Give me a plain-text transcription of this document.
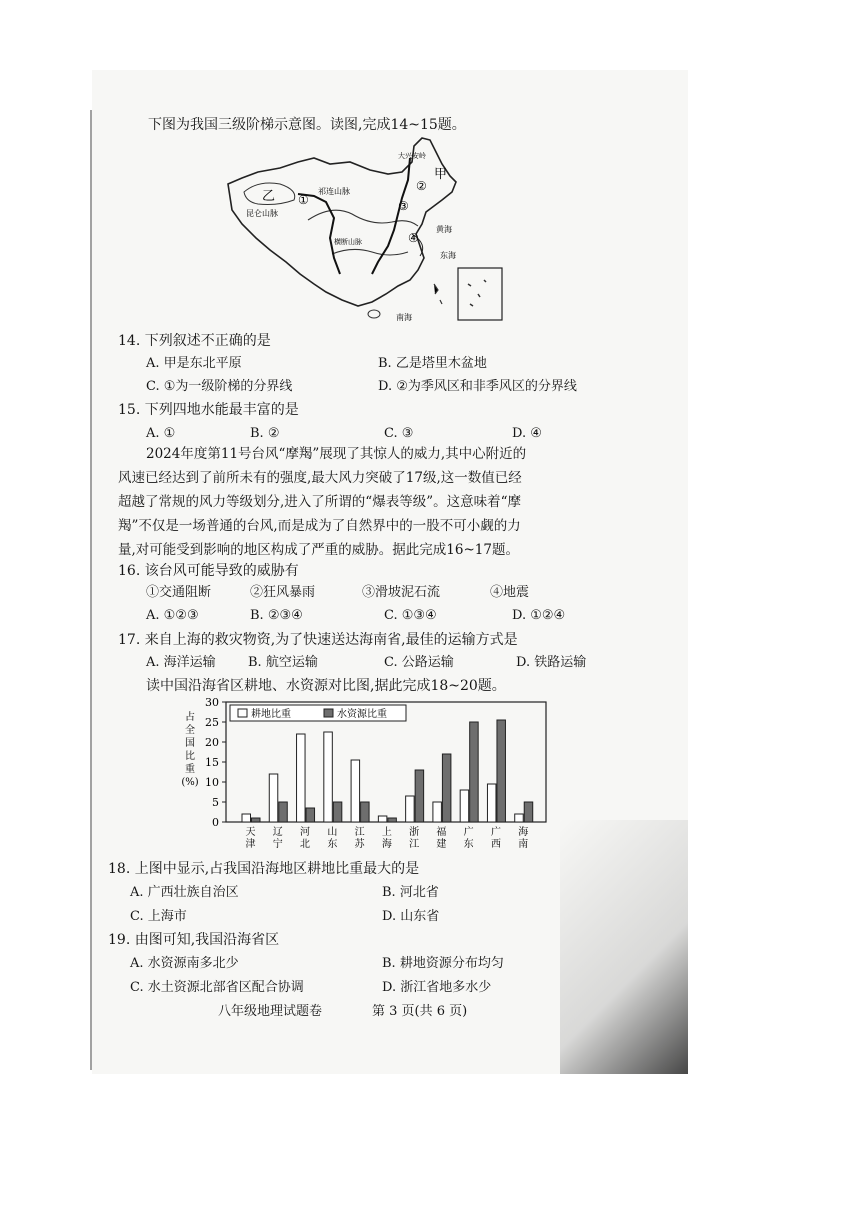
下图为我国三级阶梯示意图。读图,完成14~15题。
乙 ①
祁连山脉
昆仑山脉
横断山脉
大兴安岭
甲
②
③
④
黄海
东海
南海
14. 下列叙述不正确的是
A. 甲是东北平原	B. 乙是塔里木盆地
C. ①为一级阶梯的分界线	D. ②为季风区和非季风区的分界线
15. 下列四地水能最丰富的是
A. ①	B. ②	C. ③	D. ④
2024年度第11号台风“摩羯”展现了其惊人的威力,其中心附近的
风速已经达到了前所未有的强度,最大风力突破了17级,这一数值已经
超越了常规的风力等级划分,进入了所谓的“爆表等级”。这意味着“摩
羯”不仅是一场普通的台风,而是成为了自然界中的一股不可小觑的力
量,对可能受到影响的地区构成了严重的威胁。据此完成16~17题。
16. 该台风可能导致的威胁有
①交通阻断	②狂风暴雨	③滑坡泥石流	④地震
A. ①②③	B. ②③④	C. ①③④	D. ①②④
17. 来自上海的救灾物资,为了快速送达海南省,最佳的运输方式是
A. 海洋运输 B. 航空运输	C. 公路运输	D. 铁路运输
读中国沿海省区耕地、水资源对比图,据此完成18~20题。
0
5
10
15
20
25
30
占
全
国
比
重
(%)
耕地比重	水资源比重
天
津
辽
宁
河
北
山
东
江
苏
上
海
浙
江
福
建
广
东
广
西
海
南
18. 上图中显示,占我国沿海地区耕地比重最大的是
A. 广西壮族自治区	B. 河北省
C. 上海市	D. 山东省
19. 由图可知,我国沿海省区
A. 水资源南多北少	B. 耕地资源分布均匀
C. 水土资源北部省区配合协调	D. 浙江省地多水少
八年级地理试题卷	第 3 页(共 6 页)
